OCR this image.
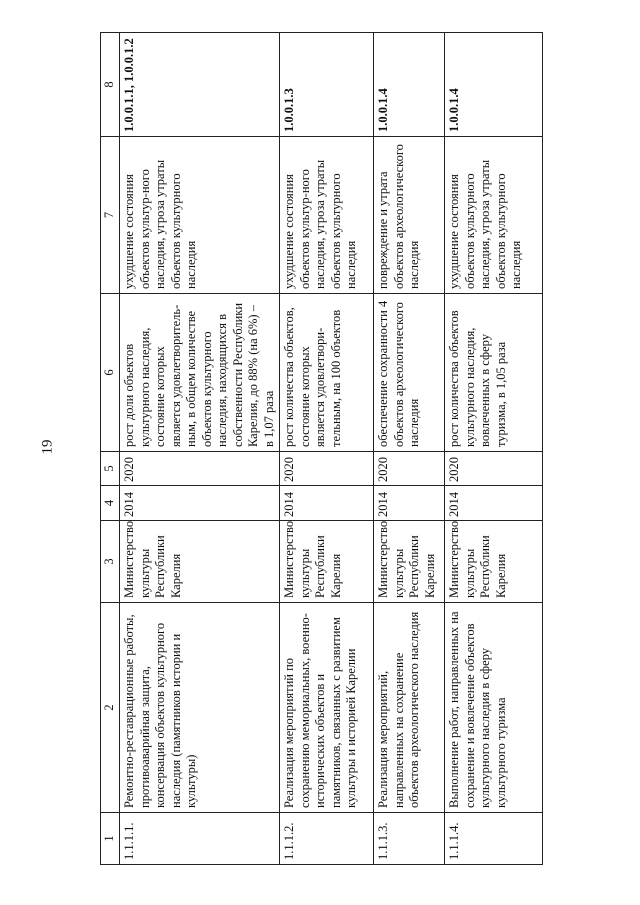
19
1	2	3	4	5	6	7	8
1.1.1.1.	Ремонтно-реставрационные работы, противоаварийная защита, консервация объектов культурного наследия (памятников истории и культуры)	Министерство культуры Республики Карелия	2014	2020	рост доли объектов культурного наследия, состояние которых является удовлетворитель-ным, в общем количестве объектов культурного наследия, находящихся в собственности Республики Карелия, до 88% (на 6%) – в 1,07 раза	ухудшение состояния объектов культур-ного наследия, угроза утраты объектов культурного наследия	1.0.0.1.1, 1.0.0.1.2
1.1.1.2.	Реализация мероприятий по сохранению мемориальных, военно-исторических объектов и памятников, связанных с развитием культуры и историей Карелии	Министерство культуры Республики Карелия	2014	2020	рост количества объектов, состояние которых является удовлетвори-тельным, на 100 объектов	ухудшение состояния объектов культур-ного наследия, угроза утраты объектов культурного наследия	1.0.0.1.3
1.1.1.3.	Реализация мероприятий, направленных на сохранение объектов археологического наследия	Министерство культуры Республики Карелия	2014	2020	обеспечение сохранности 4 объектов археологического наследия	повреждение и утрата объектов археологического наследия	1.0.0.1.4
1.1.1.4.	Выполнение работ, направленных на сохранение и вовлечение объектов культурного наследия в сферу культурного туризма	Министерство культуры Республики Карелия	2014	2020	рост количества объектов культурного наследия, вовлеченных в сферу туризма, в 1,05 раза	ухудшение состояния объектов культурного наследия, угроза утраты объектов культурного наследия	1.0.0.1.4
